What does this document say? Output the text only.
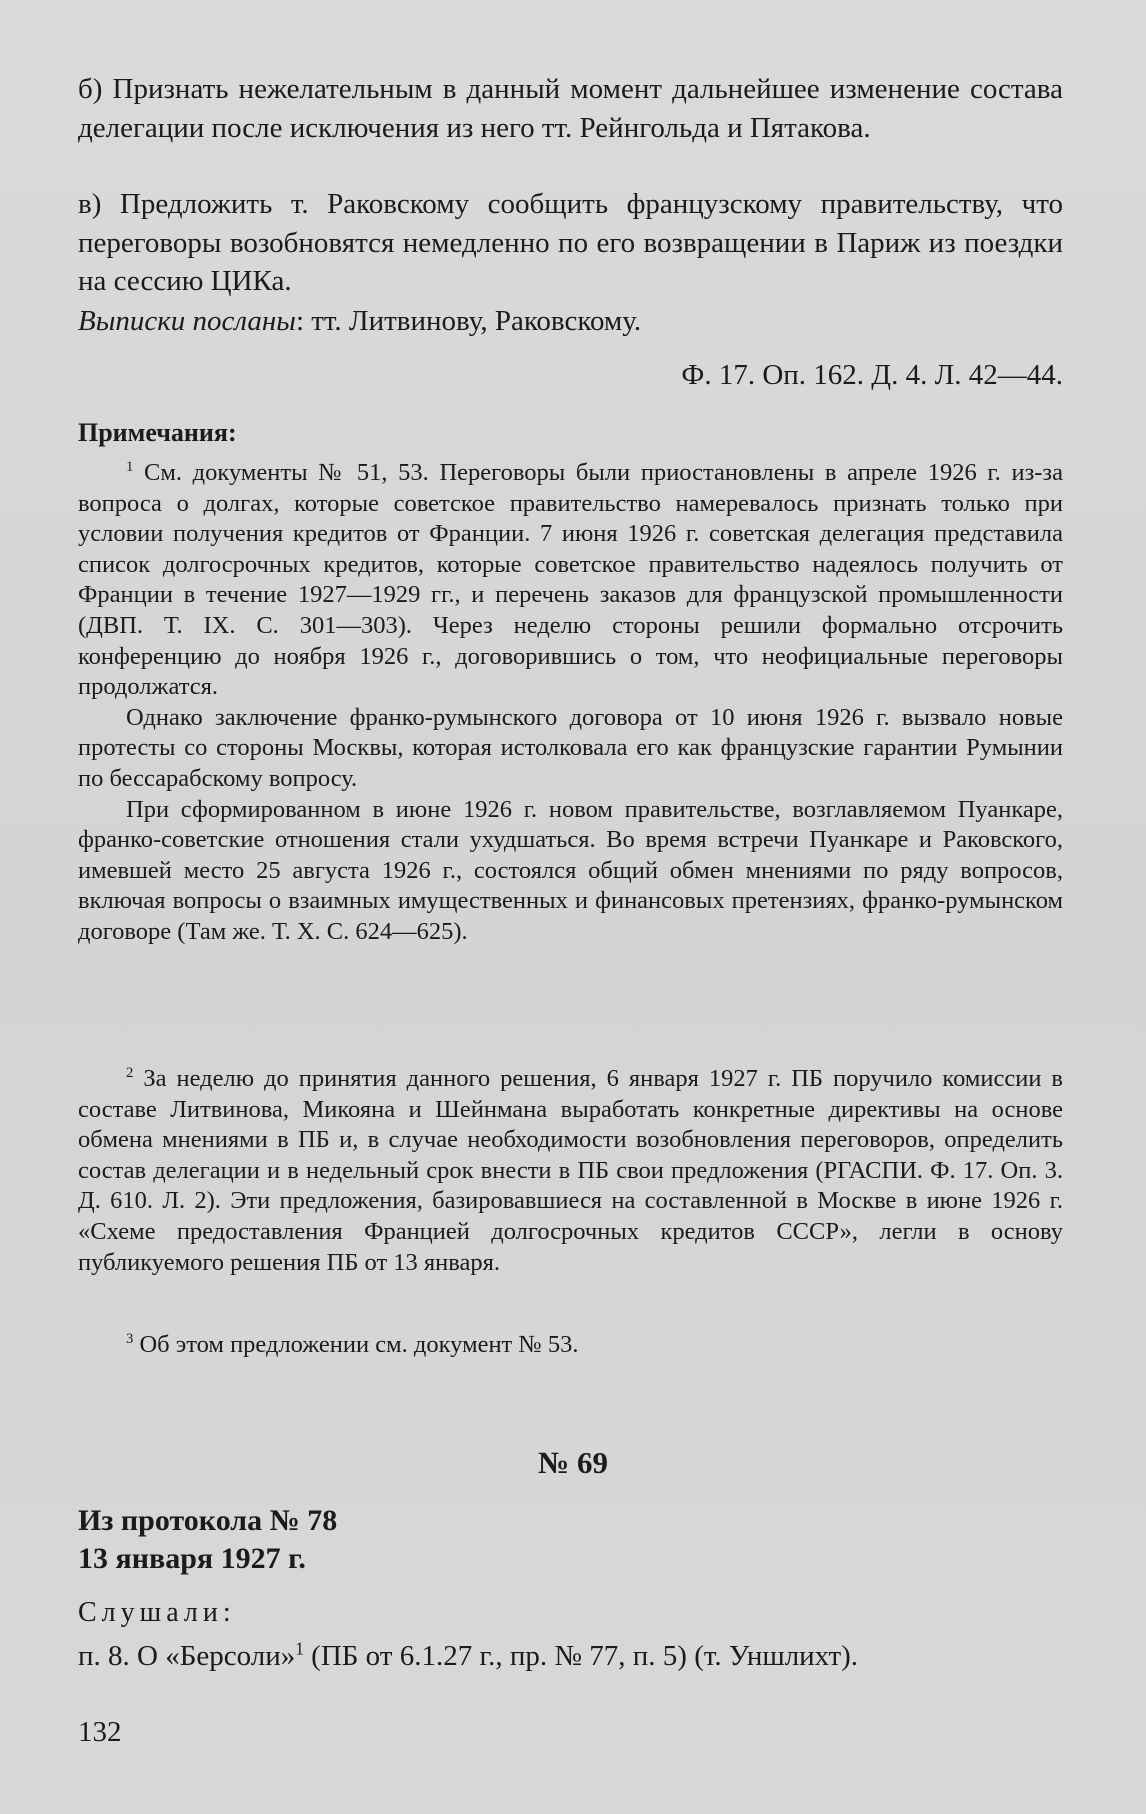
б) Признать нежелательным в данный момент дальнейшее изменение состава делегации после исключения из него тт. Рейнгольда и Пятакова.

в) Предложить т. Раковскому сообщить французскому правительству, что переговоры возобновятся немедленно по его возвращении в Париж из поездки на сессию ЦИКа.

Выписки посланы: тт. Литвинову, Раковскому.

Ф. 17. Оп. 162. Д. 4. Л. 42—44.

Примечания:

$^1$ См. документы № 51, 53. Переговоры были приостановлены в апреле 1926 г. из-за вопроса о долгах, которые советское правительство намеревалось признать только при условии получения кредитов от Франции. 7 июня 1926 г. советская делегация представила список долгосрочных кредитов, которые советское правительство надеялось получить от Франции в течение 1927—1929 гг., и перечень заказов для французской промышленности (ДВП. Т. IX. С. 301—303). Через неделю стороны решили формально отсрочить конференцию до ноября 1926 г., договорившись о том, что неофициальные переговоры продолжатся.

Однако заключение франко-румынского договора от 10 июня 1926 г. вызвало новые протесты со стороны Москвы, которая истолковала его как французские гарантии Румынии по бессарабскому вопросу.

При сформированном в июне 1926 г. новом правительстве, возглавляемом Пуанкаре, франко-советские отношения стали ухудшаться. Во время встречи Пуанкаре и Раковского, имевшей место 25 августа 1926 г., состоялся общий обмен мнениями по ряду вопросов, включая вопросы о взаимных имущественных и финансовых претензиях, франко-румынском договоре (Там же. Т. X. С. 624—625).

$^2$ За неделю до принятия данного решения, 6 января 1927 г. ПБ поручило комиссии в составе Литвинова, Микояна и Шейнмана выработать конкретные директивы на основе обмена мнениями в ПБ и, в случае необходимости возобновления переговоров, определить состав делегации и в недельный срок внести в ПБ свои предложения (РГАСПИ. Ф. 17. Оп. 3. Д. 610. Л. 2). Эти предложения, базировавшиеся на составленной в Москве в июне 1926 г. «Схеме предоставления Францией долгосрочных кредитов СССР», легли в основу публикуемого решения ПБ от 13 января.

$^3$ Об этом предложении см. документ № 53.

№ 69
Из протокола № 78
13 января 1927 г.

Слушали:

п. 8. О «Берсоли»$^1$ (ПБ от 6.1.27 г., пр. № 77, п. 5) (т. Уншлихт).

132
